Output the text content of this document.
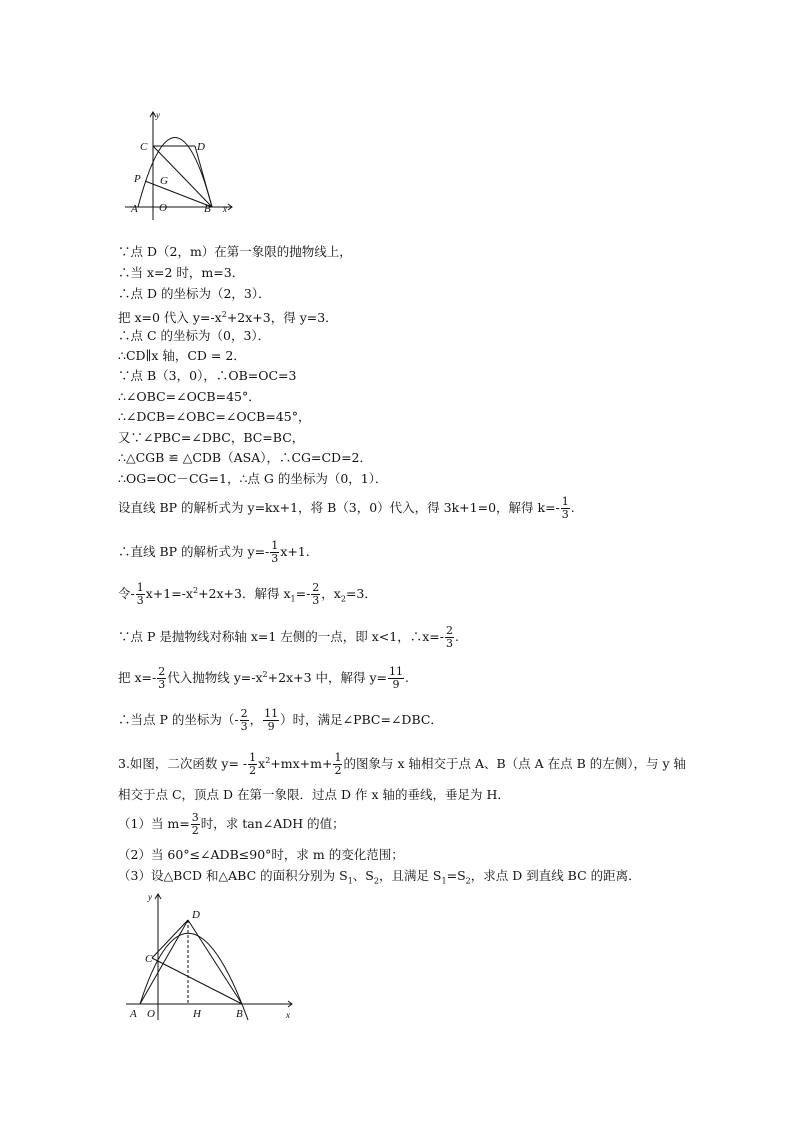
y
C	D
P G
A O	B x
∵点 D（2，m）在第一象限的抛物线上，
∴当 x=2 时，m=3．
∴点 D 的坐标为（2，3）．
把 x=0 代入 $y=-x^2+2x+3$，得 y=3．
∴点 C 的坐标为（0，3）．
∴CD∥x 轴，CD = 2．
∵点 B（3，0），∴OB=OC=3
∴∠OBC=∠OCB=45°．
∴∠DCB=∠OBC=∠OCB=45°，
又∵∠PBC=∠DBC，BC=BC，
∴△CGB ≌ △CDB（ASA），∴CG=CD=2．
∴OG=OC－CG=1，∴点 G 的坐标为（0，1）．
设直线 BP 的解析式为 y=kx+1，将 B（3，0）代入，得 3k+1=0，解得 $k=- \frac{1}{3}$ .
∴直线 BP 的解析式为 $y=- \frac{1}{3} x+1$.
令- $\frac{1}{3} x+1=-x^2+2x+3$．解得 $x_1=- \frac{2}{3}$ ，$x_2=3$．
∵点 P 是抛物线对称轴 x=1 左侧的一点，即 x<1，∴x=- $\frac{2}{3}$ .
把 $x=- \frac{2}{3}$ 代入抛物线 $y=-x^2+2x+3$ 中，解得 $y= \frac{11}{9}$ .
∴当点 P 的坐标为（- $\frac{2}{3}$ ， $\frac{11}{9}$ ）时，满足∠PBC=∠DBC．
3.如图，二次函数 $y= - \frac{1}{2} x^2+mx+m+ \frac{1}{2}$ 的图象与 x 轴相交于点 A、B（点 A 在点 B 的左侧），与 y 轴
相交于点 C，顶点 D 在第一象限．过点 D 作 x 轴的垂线，垂足为 H．
（1）当 $m= \frac{3}{2}$ 时，求 tan∠ADH 的值；
（2）当 60°≤∠ADB≤90°时，求 m 的变化范围；
（3）设△BCD 和△ABC 的面积分别为 $S_1$、$S_2$，且满足 $S_1=S_2$，求点 D 到直线 BC 的距离．
y
D
C
A O	H	B	x
